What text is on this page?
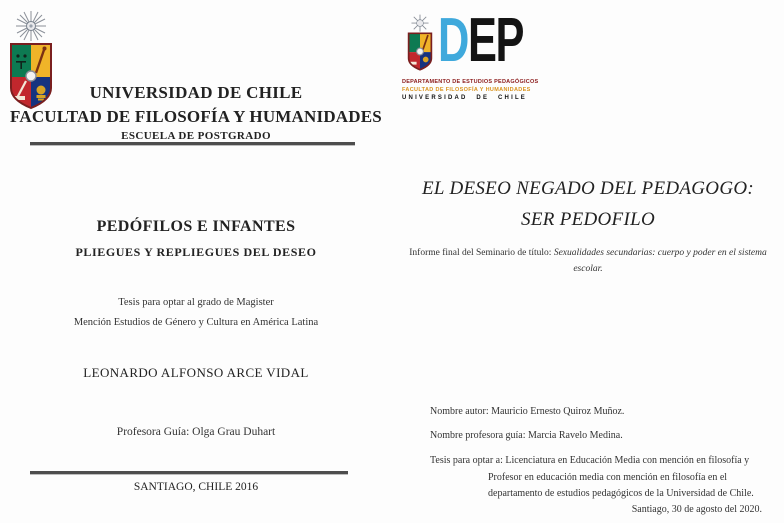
UNIVERSIDAD DE CHILE
FACULTAD DE FILOSOFÍA Y HUMANIDADES
ESCUELA DE POSTGRADO
PEDÓFILOS E INFANTES
PLIEGUES Y REPLIEGUES DEL DESEO
Tesis para optar al grado de Magister
Mención Estudios de Género y Cultura en América Latina
LEONARDO ALFONSO ARCE VIDAL
Profesora Guía: Olga Grau Duhart
SANTIAGO, CHILE 2016
DEP
DEPARTAMENTO DE ESTUDIOS PEDAGÓGICOS
FACULTAD DE FILOSOFÍA Y HUMANIDADES
UNIVERSIDAD DE CHILE
EL DESEO NEGADO DEL PEDAGOGO:
SER PEDOFILO
Informe final del Seminario de título: Sexualidades secundarias: cuerpo y poder en el sistema escolar.
Nombre autor: Mauricio Ernesto Quiroz Muñoz.
Nombre profesora guía: Marcia Ravelo Medina.
Tesis para optar a: Licenciatura en Educación Media con mención en filosofía y Profesor en educación media con mención en filosofía en el departamento de estudios pedagógicos de la Universidad de Chile.
Santiago, 30 de agosto del 2020.
